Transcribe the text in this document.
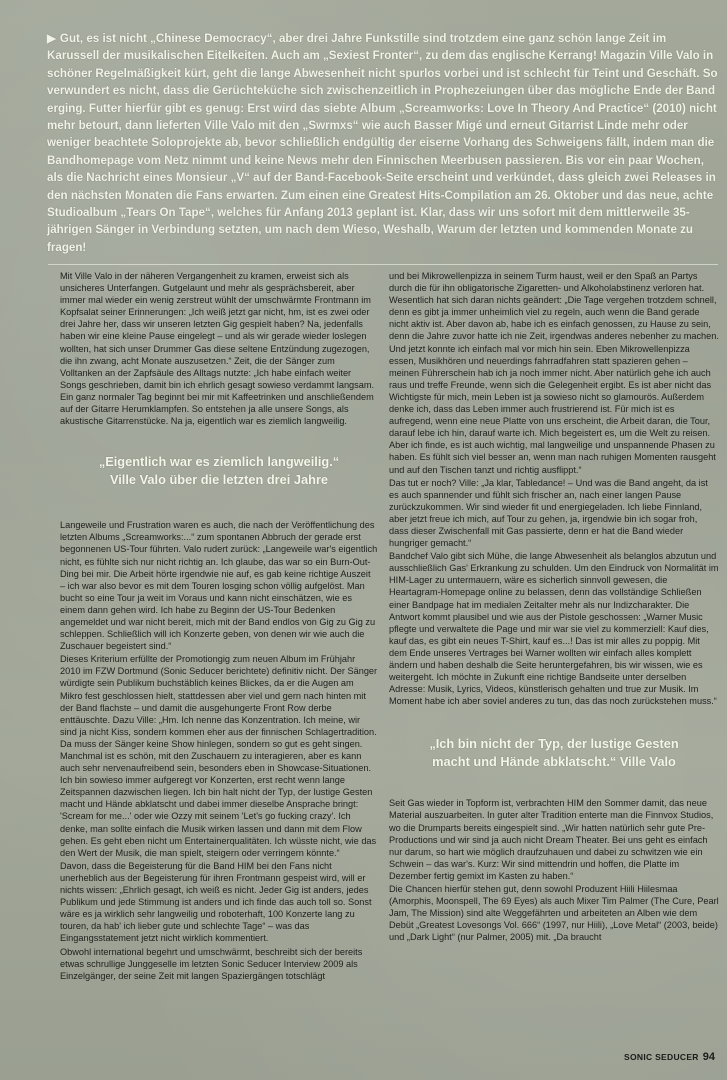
▶ Gut, es ist nicht „Chinese Democracy“, aber drei Jahre Funkstille sind trotzdem eine ganz schön lange Zeit im Karussell der musikalischen Eitelkeiten. Auch am „Sexiest Fronter“, zu dem das englische Kerrang! Magazin Ville Valo in schöner Regelmäßigkeit kürt, geht die lange Abwesenheit nicht spurlos vorbei und ist schlecht für Teint und Geschäft. So verwundert es nicht, dass die Gerüchteküche sich zwischenzeitlich in Prophezeiungen über das mögliche Ende der Band erging. Futter hierfür gibt es genug: Erst wird das siebte Album „Screamworks: Love In Theory And Practice“ (2010) nicht mehr betourt, dann lieferten Ville Valo mit den „Swrmxs“ wie auch Basser Migé und erneut Gitarrist Linde mehr oder weniger beachtete Soloprojekte ab, bevor schließlich endgültig der eiserne Vorhang des Schweigens fällt, indem man die Bandhomepage vom Netz nimmt und keine News mehr den Finnischen Meerbusen passieren. Bis vor ein paar Wochen, als die Nachricht eines Monsieur „V“ auf der Band-Facebook-Seite erscheint und verkündet, dass gleich zwei Releases in den nächsten Monaten die Fans erwarten. Zum einen eine Greatest Hits-Compilation am 26. Oktober und das neue, achte Studioalbum „Tears On Tape“, welches für Anfang 2013 geplant ist. Klar, dass wir uns sofort mit dem mittlerweile 35-jährigen Sänger in Verbindung setzten, um nach dem Wieso, Weshalb, Warum der letzten und kommenden Monate zu fragen!

Mit Ville Valo in der näheren Vergangenheit zu kramen, erweist sich als unsicheres Unterfangen. Gutgelaunt und mehr als gesprächsbereit, aber immer mal wieder ein wenig zerstreut wühlt der umschwärmte Frontmann im Kopfsalat seiner Erinnerungen: „Ich weiß jetzt gar nicht, hm, ist es zwei oder drei Jahre her, dass wir unseren letzten Gig gespielt haben? Na, jedenfalls haben wir eine kleine Pause eingelegt – und als wir gerade wieder loslegen wollten, hat sich unser Drummer Gas diese seltene Entzündung zugezogen, die ihn zwang, acht Monate auszusetzen.“ Zeit, die der Sänger zum Volltanken an der Zapfsäule des Alltags nutzte: „Ich habe einfach weiter Songs geschrieben, damit bin ich ehrlich gesagt sowieso verdammt langsam. Ein ganz normaler Tag beginnt bei mir mit Kaffeetrinken und anschließendem auf der Gitarre Herumklampfen. So entstehen ja alle unsere Songs, als akustische Gitarrenstücke. Na ja, eigentlich war es ziemlich langweilig.

„Eigentlich war es ziemlich langweilig.“
Ville Valo über die letzten drei Jahre

Langeweile und Frustration waren es auch, die nach der Veröffentlichung des letzten Albums „Screamworks:...“ zum spontanen Abbruch der gerade erst begonnenen US-Tour führten. Valo rudert zurück: „Langeweile war's eigentlich nicht, es fühlte sich nur nicht richtig an. Ich glaube, das war so ein Burn-Out-Ding bei mir. Die Arbeit hörte irgendwie nie auf, es gab keine richtige Auszeit – ich war also bevor es mit dem Touren losging schon völlig aufgelöst. Man bucht so eine Tour ja weit im Voraus und kann nicht einschätzen, wie es einem dann gehen wird. Ich habe zu Beginn der US-Tour Bedenken angemeldet und war nicht bereit, mich mit der Band endlos von Gig zu Gig zu schleppen. Schließlich will ich Konzerte geben, von denen wir wie auch die Zuschauer begeistert sind.“

Dieses Kriterium erfüllte der Promotiongig zum neuen Album im Frühjahr 2010 im FZW Dortmund (Sonic Seducer berichtete) definitiv nicht. Der Sänger würdigte sein Publikum buchstäblich keines Blickes, da er die Augen am Mikro fest geschlossen hielt, stattdessen aber viel und gern nach hinten mit der Band flachste – und damit die ausgehungerte Front Row derbe enttäuschte. Dazu Ville: „Hm. Ich nenne das Konzentration. Ich meine, wir sind ja nicht Kiss, sondern kommen eher aus der finnischen Schlagertradition. Da muss der Sänger keine Show hinlegen, sondern so gut es geht singen. Manchmal ist es schön, mit den Zuschauern zu interagieren, aber es kann auch sehr nervenaufreibend sein, besonders eben in Showcase-Situationen. Ich bin sowieso immer aufgeregt vor Konzerten, erst recht wenn lange Zeitspannen dazwischen liegen. Ich bin halt nicht der Typ, der lustige Gesten macht und Hände abklatscht und dabei immer dieselbe Ansprache bringt: 'Scream for me...' oder wie Ozzy mit seinem 'Let's go fucking crazy'. Ich denke, man sollte einfach die Musik wirken lassen und dann mit dem Flow gehen. Es geht eben nicht um Entertainerqualitäten. Ich wüsste nicht, wie das den Wert der Musik, die man spielt, steigern oder verringern könnte.“

Davon, dass die Begeisterung für die Band HIM bei den Fans nicht unerheblich aus der Begeisterung für ihren Frontmann gespeist wird, will er nichts wissen: „Ehrlich gesagt, ich weiß es nicht. Jeder Gig ist anders, jedes Publikum und jede Stimmung ist anders und ich finde das auch toll so. Sonst wäre es ja wirklich sehr langweilig und roboterhaft, 100 Konzerte lang zu touren, da hab' ich lieber gute und schlechte Tage“ – was das Eingangsstatement jetzt nicht wirklich kommentiert.

Obwohl international begehrt und umschwärmt, beschreibt sich der bereits etwas schrullige Junggeselle im letzten Sonic Seducer Interview 2009 als Einzelgänger, der seine Zeit mit langen Spaziergängen totschlägt

und bei Mikrowellenpizza in seinem Turm haust, weil er den Spaß an Partys durch die für ihn obligatorische Zigaretten- und Alkoholabstinenz verloren hat. Wesentlich hat sich daran nichts geändert: „Die Tage vergehen trotzdem schnell, denn es gibt ja immer unheimlich viel zu regeln, auch wenn die Band gerade nicht aktiv ist. Aber davon ab, habe ich es einfach genossen, zu Hause zu sein, denn die Jahre zuvor hatte ich nie Zeit, irgendwas anderes nebenher zu machen. Und jetzt konnte ich einfach mal vor mich hin sein. Eben Mikrowellenpizza essen, Musikhören und neuerdings fahrradfahren statt spazieren gehen – meinen Führerschein hab ich ja noch immer nicht. Aber natürlich gehe ich auch raus und treffe Freunde, wenn sich die Gelegenheit ergibt. Es ist aber nicht das Wichtigste für mich, mein Leben ist ja sowieso nicht so glamourös. Außerdem denke ich, dass das Leben immer auch frustrierend ist. Für mich ist es aufregend, wenn eine neue Platte von uns erscheint, die Arbeit daran, die Tour, darauf lebe ich hin, darauf warte ich. Mich begeistert es, um die Welt zu reisen. Aber ich finde, es ist auch wichtig, mal langweilige und unspannende Phasen zu haben. Es fühlt sich viel besser an, wenn man nach ruhigen Momenten rausgeht und auf den Tischen tanzt und richtig ausflippt.“

Das tut er noch? Ville: „Ja klar, Tabledance! – Und was die Band angeht, da ist es auch spannender und fühlt sich frischer an, nach einer langen Pause zurückzukommen. Wir sind wieder fit und energiegeladen. Ich liebe Finnland, aber jetzt freue ich mich, auf Tour zu gehen, ja, irgendwie bin ich sogar froh, dass dieser Zwischenfall mit Gas passierte, denn er hat die Band wieder hungriger gemacht.“

Bandchef Valo gibt sich Mühe, die lange Abwesenheit als belanglos abzutun und ausschließlich Gas' Erkrankung zu schulden. Um den Eindruck von Normalität im HIM-Lager zu untermauern, wäre es sicherlich sinnvoll gewesen, die Heartagram-Homepage online zu belassen, denn das vollständige Schließen einer Bandpage hat im medialen Zeitalter mehr als nur Indizcharakter. Die Antwort kommt plausibel und wie aus der Pistole geschossen: „Warner Music pflegte und verwaltete die Page und mir war sie viel zu kommerziell: Kauf dies, kauf das, es gibt ein neues T-Shirt, kauf es...! Das ist mir alles zu poppig. Mit dem Ende unseres Vertrages bei Warner wollten wir einfach alles komplett ändern und haben deshalb die Seite heruntergefahren, bis wir wissen, wie es weitergeht. Ich möchte in Zukunft eine richtige Bandseite unter derselben Adresse: Musik, Lyrics, Videos, künstlerisch gehalten und true zur Musik. Im Moment habe ich aber soviel anderes zu tun, das das noch zurückstehen muss.“

„Ich bin nicht der Typ, der lustige Gesten
macht und Hände abklatscht.“ Ville Valo

Seit Gas wieder in Topform ist, verbrachten HIM den Sommer damit, das neue Material auszuarbeiten. In guter alter Tradition enterte man die Finnvox Studios, wo die Drumparts bereits eingespielt sind. „Wir hatten natürlich sehr gute Pre-Productions und wir sind ja auch nicht Dream Theater. Bei uns geht es einfach nur darum, so hart wie möglich draufzuhauen und dabei zu schwitzen wie ein Schwein – das war's. Kurz: Wir sind mittendrin und hoffen, die Platte im Dezember fertig gemixt im Kasten zu haben.“

Die Chancen hierfür stehen gut, denn sowohl Produzent Hiili Hiilesmaa (Amorphis, Moonspell, The 69 Eyes) als auch Mixer Tim Palmer (The Cure, Pearl Jam, The Mission) sind alte Weggefährten und arbeiteten an Alben wie dem Debüt „Greatest Lovesongs Vol. 666“ (1997, nur Hiili), „Love Metal“ (2003, beide) und „Dark Light“ (nur Palmer, 2005) mit. „Da braucht

SONIC SEDUCER 94
